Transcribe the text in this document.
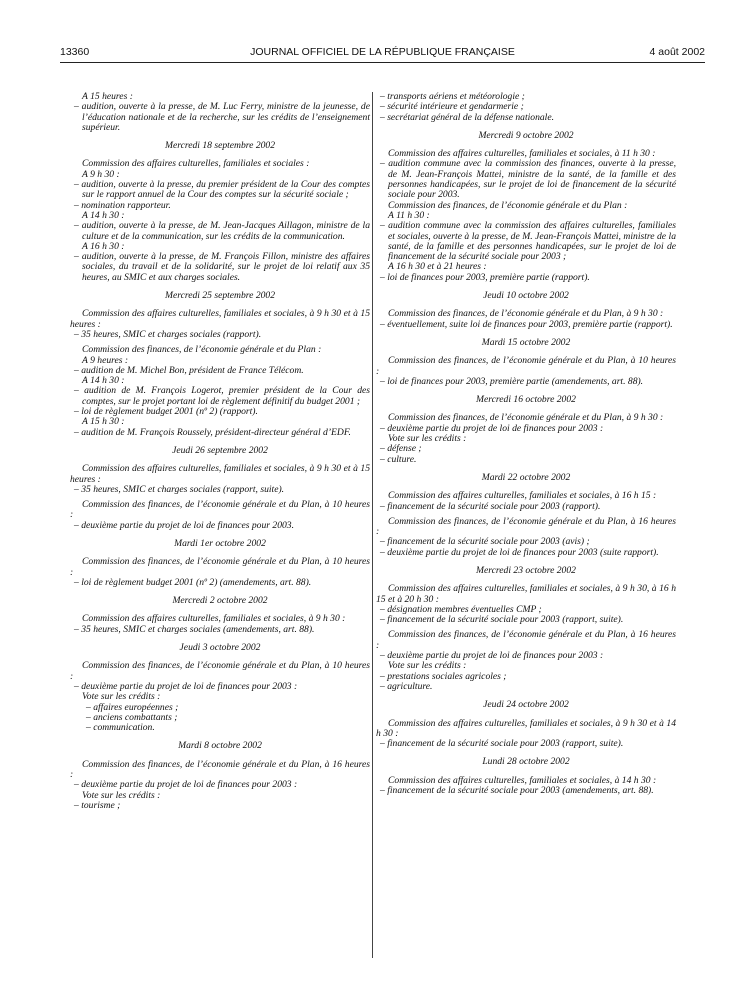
13360	JOURNAL OFFICIEL DE LA RÉPUBLIQUE FRANÇAISE	4 août 2002
A 15 heures :
– audition, ouverte à la presse, de M. Luc Ferry, ministre de la jeunesse, de l’éducation nationale et de la recherche, sur les crédits de l’enseignement supérieur.
Mercredi 18 septembre 2002
Commission des affaires culturelles, familiales et sociales :
A 9 h 30 :
– audition, ouverte à la presse, du premier président de la Cour des comptes sur le rapport annuel de la Cour des comptes sur la sécurité sociale ;
– nomination rapporteur.
A 14 h 30 :
– audition, ouverte à la presse, de M. Jean-Jacques Aillagon, ministre de la culture et de la communication, sur les crédits de la communication.
A 16 h 30 :
– audition, ouverte à la presse, de M. François Fillon, ministre des affaires sociales, du travail et de la solidarité, sur le projet de loi relatif aux 35 heures, au SMIC et aux charges sociales.
Mercredi 25 septembre 2002
Commission des affaires culturelles, familiales et sociales, à 9 h 30 et à 15 heures :
– 35 heures, SMIC et charges sociales (rapport).
Commission des finances, de l’économie générale et du Plan :
A 9 heures :
– audition de M. Michel Bon, président de France Télécom.
A 14 h 30 :
– audition de M. François Logerot, premier président de la Cour des comptes, sur le projet portant loi de règlement définitif du budget 2001 ;
– loi de règlement budget 2001 (nº 2) (rapport).
A 15 h 30 :
– audition de M. François Roussely, président-directeur général d’EDF.
Jeudi 26 septembre 2002
Commission des affaires culturelles, familiales et sociales, à 9 h 30 et à 15 heures :
– 35 heures, SMIC et charges sociales (rapport, suite).
Commission des finances, de l’économie générale et du Plan, à 10 heures :
– deuxième partie du projet de loi de finances pour 2003.
Mardi 1er octobre 2002
Commission des finances, de l’économie générale et du Plan, à 10 heures :
– loi de règlement budget 2001 (nº 2) (amendements, art. 88).
Mercredi 2 octobre 2002
Commission des affaires culturelles, familiales et sociales, à 9 h 30 :
– 35 heures, SMIC et charges sociales (amendements, art. 88).
Jeudi 3 octobre 2002
Commission des finances, de l’économie générale et du Plan, à 10 heures :
– deuxième partie du projet de loi de finances pour 2003 :
Vote sur les crédits :
– affaires européennes ;
– anciens combattants ;
– communication.
Mardi 8 octobre 2002
Commission des finances, de l’économie générale et du Plan, à 16 heures :
– deuxième partie du projet de loi de finances pour 2003 :
Vote sur les crédits :
– tourisme ;
– transports aériens et météorologie ;
– sécurité intérieure et gendarmerie ;
– secrétariat général de la défense nationale.
Mercredi 9 octobre 2002
Commission des affaires culturelles, familiales et sociales, à 11 h 30 :
– audition commune avec la commission des finances, ouverte à la presse, de M. Jean-François Mattei, ministre de la santé, de la famille et des personnes handicapées, sur le projet de loi de financement de la sécurité sociale pour 2003.
Commission des finances, de l’économie générale et du Plan :
A 11 h 30 :
– audition commune avec la commission des affaires culturelles, familiales et sociales, ouverte à la presse, de M. Jean-François Mattei, ministre de la santé, de la famille et des personnes handicapées, sur le projet de loi de financement de la sécurité sociale pour 2003 ;
A 16 h 30 et à 21 heures :
– loi de finances pour 2003, première partie (rapport).
Jeudi 10 octobre 2002
Commission des finances, de l’économie générale et du Plan, à 9 h 30 :
– éventuellement, suite loi de finances pour 2003, première partie (rapport).
Mardi 15 octobre 2002
Commission des finances, de l’économie générale et du Plan, à 10 heures :
– loi de finances pour 2003, première partie (amendements, art. 88).
Mercredi 16 octobre 2002
Commission des finances, de l’économie générale et du Plan, à 9 h 30 :
– deuxième partie du projet de loi de finances pour 2003 :
Vote sur les crédits :
– défense ;
– culture.
Mardi 22 octobre 2002
Commission des affaires culturelles, familiales et sociales, à 16 h 15 :
– financement de la sécurité sociale pour 2003 (rapport).
Commission des finances, de l’économie générale et du Plan, à 16 heures :
– financement de la sécurité sociale pour 2003 (avis) ;
– deuxième partie du projet de loi de finances pour 2003 (suite rapport).
Mercredi 23 octobre 2002
Commission des affaires culturelles, familiales et sociales, à 9 h 30, à 16 h 15 et à 20 h 30 :
– désignation membres éventuelles CMP ;
– financement de la sécurité sociale pour 2003 (rapport, suite).
Commission des finances, de l’économie générale et du Plan, à 16 heures :
– deuxième partie du projet de loi de finances pour 2003 :
Vote sur les crédits :
– prestations sociales agricoles ;
– agriculture.
Jeudi 24 octobre 2002
Commission des affaires culturelles, familiales et sociales, à 9 h 30 et à 14 h 30 :
– financement de la sécurité sociale pour 2003 (rapport, suite).
Lundi 28 octobre 2002
Commission des affaires culturelles, familiales et sociales, à 14 h 30 :
– financement de la sécurité sociale pour 2003 (amendements, art. 88).
